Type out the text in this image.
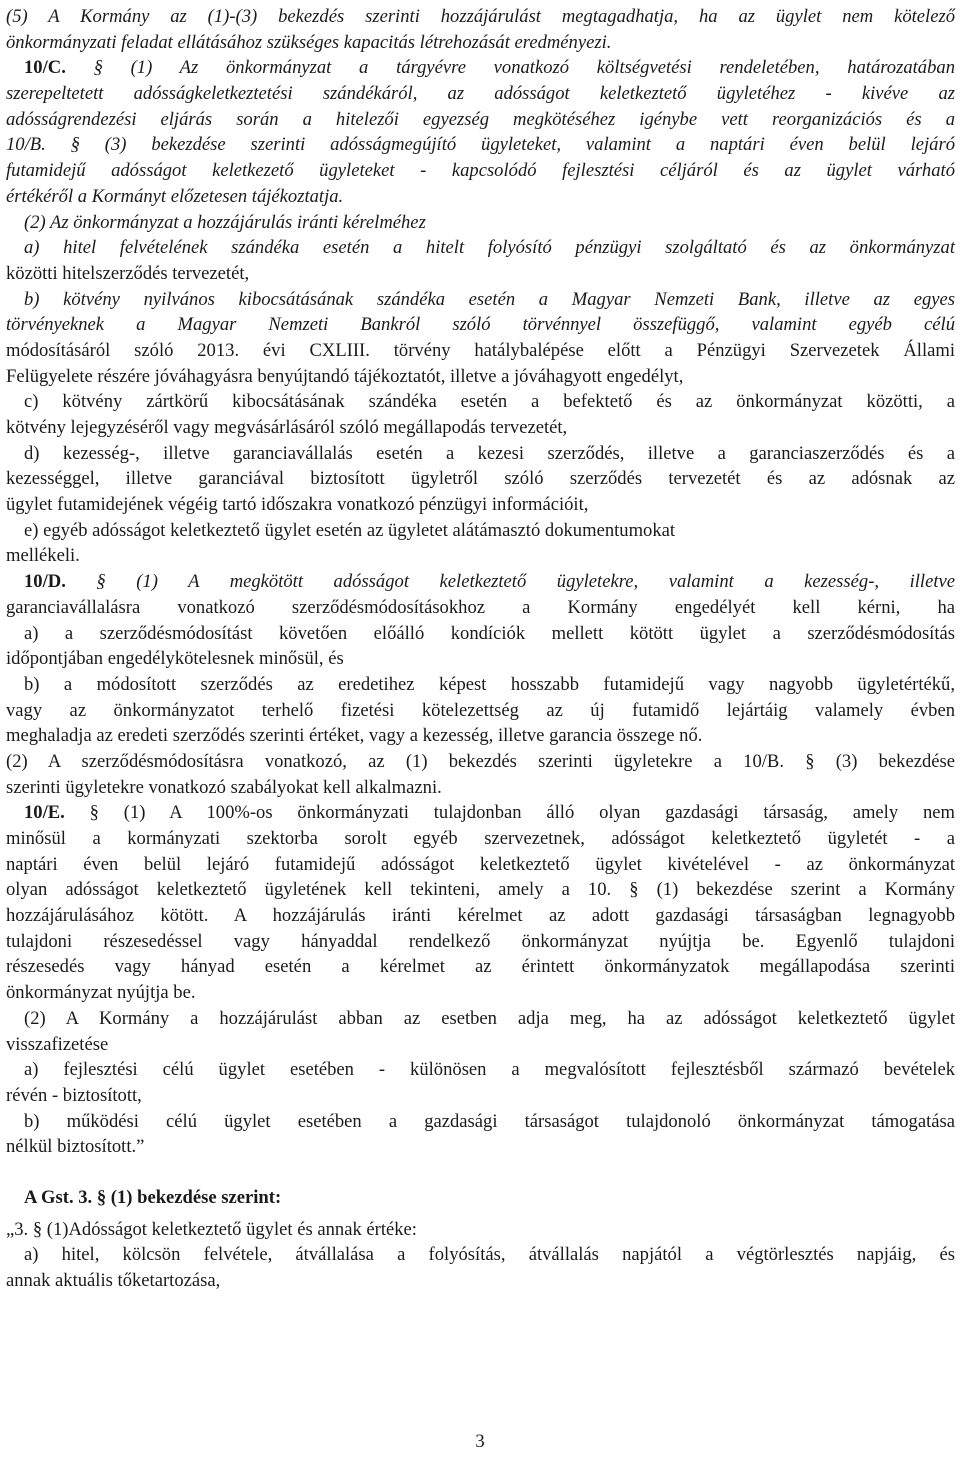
(5) A Kormány az (1)-(3) bekezdés szerinti hozzájárulást megtagadhatja, ha az ügylet nem kötelező
önkormányzati feladat ellátásához szükséges kapacitás létrehozását eredményezi.
10/C. § (1) Az önkormányzat a tárgyévre vonatkozó költségvetési rendeletében, határozatában
szerepeltetett adósságkeletkeztetési szándékáról, az adósságot keletkeztető ügyletéhez - kivéve az
adósságrendezési eljárás során a hitelezői egyezség megkötéséhez igénybe vett reorganizációs és a
10/B. § (3) bekezdése szerinti adósságmegújító ügyleteket, valamint a naptári éven belül lejáró
futamidejű adósságot keletkezető ügyleteket - kapcsolódó fejlesztési céljáról és az ügylet várható
értékéről a Kormányt előzetesen tájékoztatja.
(2) Az önkormányzat a hozzájárulás iránti kérelméhez
a) hitel felvételének szándéka esetén a hitelt folyósító pénzügyi szolgáltató és az önkormányzat
közötti hitelszerződés tervezetét,
b) kötvény nyilvános kibocsátásának szándéka esetén a Magyar Nemzeti Bank, illetve az egyes
törvényeknek a Magyar Nemzeti Bankról szóló törvénnyel összefüggő, valamint egyéb célú
módosításáról szóló 2013. évi CXLIII. törvény hatálybalépése előtt a Pénzügyi Szervezetek Állami
Felügyelete részére jóváhagyásra benyújtandó tájékoztatót, illetve a jóváhagyott engedélyt,
c) kötvény zártkörű kibocsátásának szándéka esetén a befektető és az önkormányzat közötti, a
kötvény lejegyzéséről vagy megvásárlásáról szóló megállapodás tervezetét,
d) kezesség-, illetve garanciavállalás esetén a kezesi szerződés, illetve a garanciaszerződés és a
kezességgel, illetve garanciával biztosított ügyletről szóló szerződés tervezetét és az adósnak az
ügylet futamidejének végéig tartó időszakra vonatkozó pénzügyi információit,
e) egyéb adósságot keletkeztető ügylet esetén az ügyletet alátámasztó dokumentumokat
mellékeli.
10/D. § (1) A megkötött adósságot keletkeztető ügyletekre, valamint a kezesség-, illetve
garanciavállalásra vonatkozó szerződésmódosításokhoz a Kormány engedélyét kell kérni, ha
a) a szerződésmódosítást követően előálló kondíciók mellett kötött ügylet a szerződésmódosítás
időpontjában engedélykötelesnek minősül, és
b) a módosított szerződés az eredetihez képest hosszabb futamidejű vagy nagyobb ügyletértékű,
vagy az önkormányzatot terhelő fizetési kötelezettség az új futamidő lejártáig valamely évben
meghaladja az eredeti szerződés szerinti értéket, vagy a kezesség, illetve garancia összege nő.
(2) A szerződésmódosításra vonatkozó, az (1) bekezdés szerinti ügyletekre a 10/B. § (3) bekezdése
szerinti ügyletekre vonatkozó szabályokat kell alkalmazni.
10/E. § (1) A 100%-os önkormányzati tulajdonban álló olyan gazdasági társaság, amely nem
minősül a kormányzati szektorba sorolt egyéb szervezetnek, adósságot keletkeztető ügyletét - a
naptári éven belül lejáró futamidejű adósságot keletkeztető ügylet kivételével - az önkormányzat
olyan adósságot keletkeztető ügyletének kell tekinteni, amely a 10. § (1) bekezdése szerint a Kormány
hozzájárulásához kötött. A hozzájárulás iránti kérelmet az adott gazdasági társaságban legnagyobb
tulajdoni részesedéssel vagy hányaddal rendelkező önkormányzat nyújtja be. Egyenlő tulajdoni
részesedés vagy hányad esetén a kérelmet az érintett önkormányzatok megállapodása szerinti
önkormányzat nyújtja be.
(2) A Kormány a hozzájárulást abban az esetben adja meg, ha az adósságot keletkeztető ügylet
visszafizetése
a) fejlesztési célú ügylet esetében - különösen a megvalósított fejlesztésből származó bevételek
révén - biztosított,
b) működési célú ügylet esetében a gazdasági társaságot tulajdonoló önkormányzat támogatása
nélkül biztosított.”
A Gst. 3. § (1) bekezdése szerint:
„3. § (1)Adósságot keletkeztető ügylet és annak értéke:
a) hitel, kölcsön felvétele, átvállalása a folyósítás, átvállalás napjától a végtörlesztés napjáig, és
annak aktuális tőketartozása,
3
